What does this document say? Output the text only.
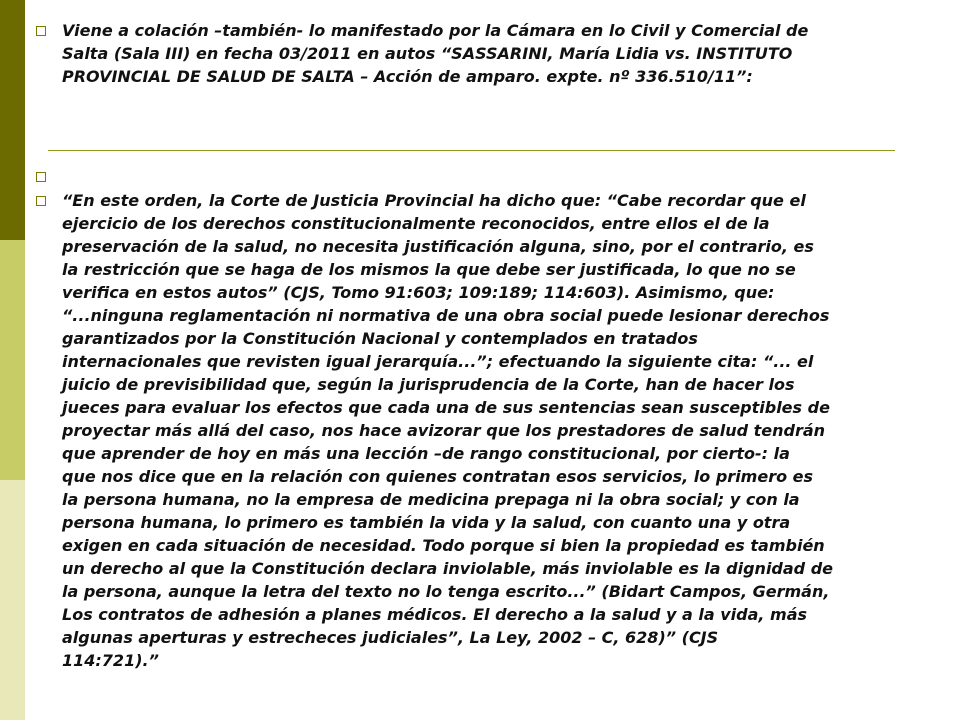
Viene a colación –también- lo manifestado por la Cámara en lo Civil y Comercial de
Salta (Sala III) en fecha 03/2011 en autos “SASSARINI, María Lidia vs. INSTITUTO
PROVINCIAL DE SALUD DE SALTA – Acción de amparo. expte. nº 336.510/11”:
“En este orden, la Corte de Justicia Provincial ha dicho que: “Cabe recordar que el
ejercicio de los derechos constitucionalmente reconocidos, entre ellos el de la
preservación de la salud, no necesita justificación alguna, sino, por el contrario, es
la restricción que se haga de los mismos la que debe ser justificada, lo que no se
verifica en estos autos” (CJS, Tomo 91:603; 109:189; 114:603). Asimismo, que:
“...ninguna reglamentación ni normativa de una obra social puede lesionar derechos
garantizados por la Constitución Nacional y contemplados en tratados
internacionales que revisten igual jerarquía...”; efectuando la siguiente cita: “... el
juicio de previsibilidad que, según la jurisprudencia de la Corte, han de hacer los
jueces para evaluar los efectos que cada una de sus sentencias sean susceptibles de
proyectar más allá del caso, nos hace avizorar que los prestadores de salud tendrán
que aprender de hoy en más una lección –de rango constitucional, por cierto-: la
que nos dice que en la relación con quienes contratan esos servicios, lo primero es
la persona humana, no la empresa de medicina prepaga ni la obra social; y con la
persona humana, lo primero es también la vida y la salud, con cuanto una y otra
exigen en cada situación de necesidad. Todo porque si bien la propiedad es también
un derecho al que la Constitución declara inviolable, más inviolable es la dignidad de
la persona, aunque la letra del texto no lo tenga escrito...” (Bidart Campos, Germán,
Los contratos de adhesión a planes médicos. El derecho a la salud y a la vida, más
algunas aperturas y estrecheces judiciales”, La Ley, 2002 – C, 628)” (CJS
114:721).”
